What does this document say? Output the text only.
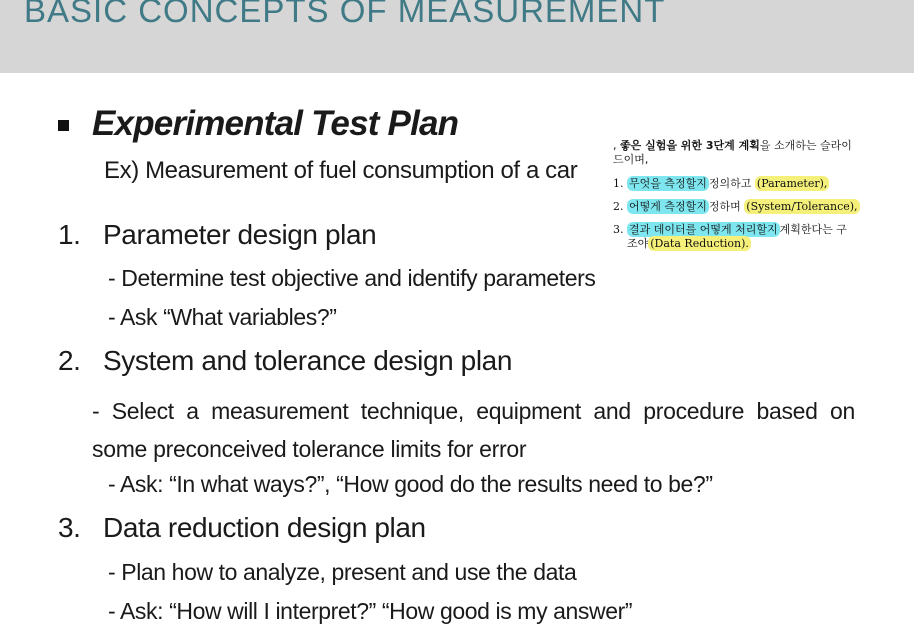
BASIC CONCEPTS OF MEASUREMENT
Experimental Test Plan
Ex) Measurement of fuel consumption of a car
1. Parameter design plan
- Determine test objective and identify parameters
- Ask “What variables?”
2. System and tolerance design plan
- Select a measurement technique, equipment and procedure based on some preconceived tolerance limits for error
- Ask: “In what ways?”, “How good do the results need to be?”
3. Data reduction design plan
- Plan how to analyze, present and use the data
- Ask: “How will I interpret?” “How good is my answer”
, 좋은 실험을 위한 3단계 계획을 소개하는 슬라이
드이며,
1. 무엇을 측정할지 정의하고 (Parameter),
2. 어떻게 측정할지 정하며 (System/Tolerance),
3. 결과 데이터를 어떻게 처리할지 계획한다는 구
조야 (Data Reduction).
